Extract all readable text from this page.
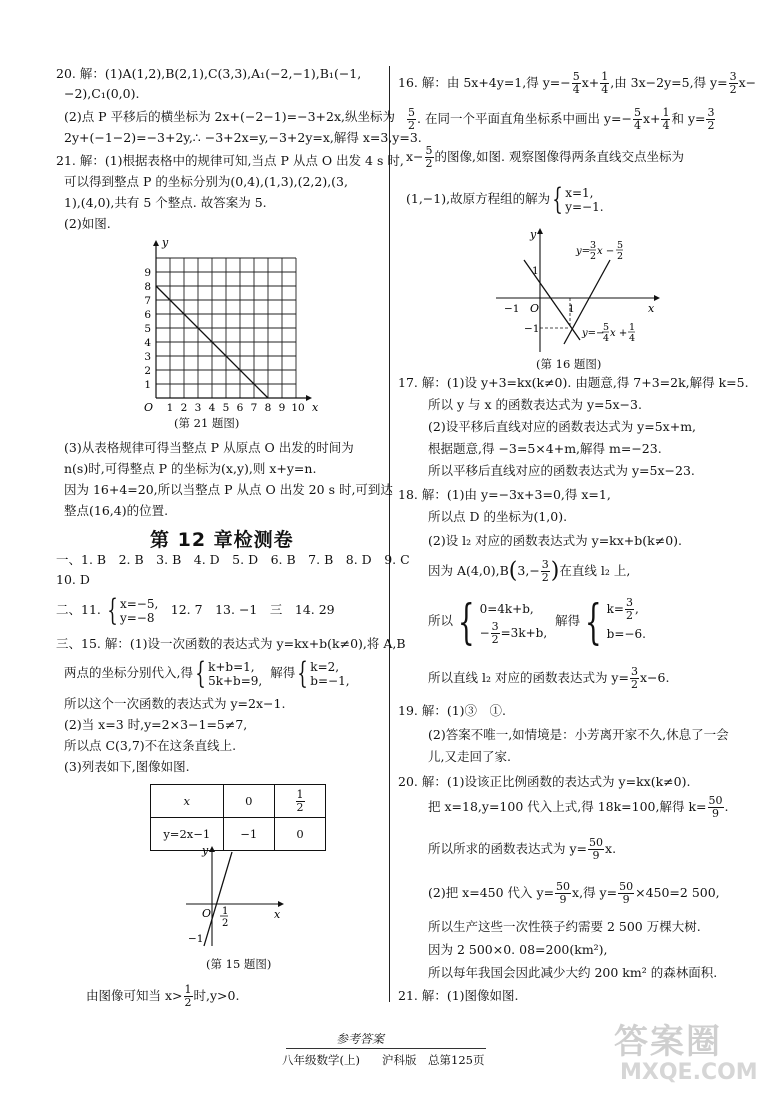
20. 解：(1)A(1,2),B(2,1),C(3,3),A₁(−2,−1),B₁(−1,
−2),C₁(0,0).
(2)点 P 平移后的横坐标为 2x+(−2−1)=−3+2x,纵坐标为
2y+(−1−2)=−3+2y,∴ −3+2x=y,−3+2y=x,解得 x=3,y=3.
21. 解：(1)根据表格中的规律可知,当点 P 从点 O 出发 4 s 时,
可以得到整点 P 的坐标分别为(0,4),(1,3),(2,2),(3,
1),(4,0),共有 5 个整点. 故答案为 5.
(2)如图.
x
y
O 1 2 3 4 5 6 7 8 9 10
1
2
3
4
5
6
7
8
9
(第 21 题图)
(3)从表格规律可得当整点 P 从原点 O 出发的时间为
n(s)时,可得整点 P 的坐标为(x,y),则 x+y=n.
因为 16+4=20,所以当整点 P 从点 O 出发 20 s 时,可到达
整点(16,4)的位置.
第 12 章检测卷
一、1. B　2. B　3. B　4. D　5. D　6. B　7. B　8. D　9. C
10. D
二、11. { x=−5,
y=−8
　12. 7　13. −1　三　14. 29
三、15. 解：(1)设一次函数的表达式为 y=kx+b(k≠0),将 A,B
两点的坐标分别代入,得{ k+b=1,
5k+b=9,
解得{ k=2,
b=−1,
所以这个一次函数的表达式为 y=2x−1.
(2)当 x=3 时,y=2×3−1=5≠7,
所以点 C(3,7)不在这条直线上.
(3)列表如下,图像如图.
x	0	$\frac{1}{2}$

y=2x−1	−1	0
x
y
O 1
2
−1
(第 15 题图)
由图像可知当 $x> \frac{1}{2}$ 时,y>0.
16. 解：由 5x+4y=1,得 $y=- \frac{5}{4} x+ \frac{1}{4}$ ,由 3x−2y=5,得 $y= \frac{3}{2} x-$
$\frac{5}{2}$ . 在同一个平面直角坐标系中画出 $y=- \frac{5}{4} x+ \frac{1}{4}$ 和 $y= \frac{3}{2}$
$x- \frac{5}{2}$ 的图像,如图. 观察图像得两条直线交点坐标为
(1,−1),故原方程组的解为{ x=1,
y=−1.
x
y
O
−1	1
1
−1
y=
3
2 x −
5
2
y=−
5
4 x +
1
4
(第 16 题图)
17. 解：(1)设 y+3=kx(k≠0). 由题意,得 7+3=2k,解得 k=5.
所以 y 与 x 的函数表达式为 y=5x−3.
(2)设平移后直线对应的函数表达式为 y=5x+m,
根据题意,得 −3=5×4+m,解得 m=−23.
所以平移后直线对应的函数表达式为 y=5x−23.
18. 解：(1)由 y=−3x+3=0,得 x=1,
所以点 D 的坐标为(1,0).
(2)设 l₂ 对应的函数表达式为 y=kx+b(k≠0).
因为 $A(4,0),B(3,- \frac{3}{2}$ )在直线 l₂ 上,
所以 { 0=4k+b,
− $\frac{3}{2} =3k+b$,
解得 { $k= \frac{3}{2}$ ,
b=−6.
所以直线 l₂ 对应的函数表达式为 $y= \frac{3}{2} x-6$.
19. 解：(1)③　①.
(2)答案不唯一,如情境是：小芳离开家不久,休息了一会
儿,又走回了家.
20. 解：(1)设该正比例函数的表达式为 y=kx(k≠0).
把 x=18,y=100 代入上式,得 18k=100,解得 $k= \frac{50}{9}$ .
所以所求的函数表达式为 $y= \frac{50}{9} x$.
(2)把 x=450 代入 $y= \frac{50}{9} x$,得 $y= \frac{50}{9} \times 450=2$ 500,
所以生产这些一次性筷子约需要 2 500 万棵大树.
因为 2 500×0. 08=200(km²),
所以每年我国会因此减少大约 200 km² 的森林面积.
21. 解：(1)图像如图.
参考答案
八年级数学(上) 沪科版 总第125页	答案圈
MXQE.COM
